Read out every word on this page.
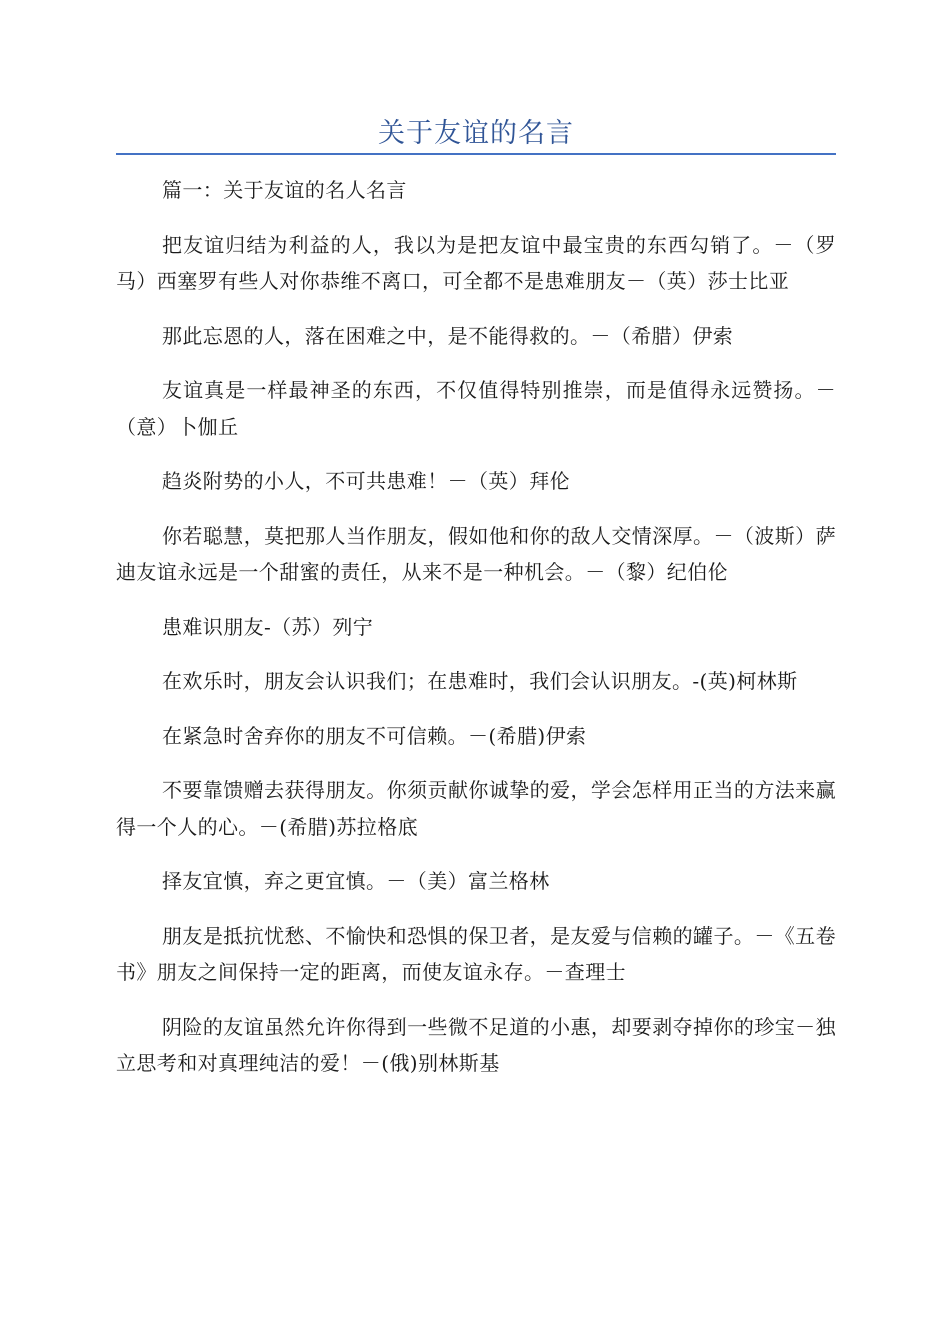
关于友谊的名言

篇一：关于友谊的名人名言

把友谊归结为利益的人，我以为是把友谊中最宝贵的东西勾销了。－（罗马）西塞罗有些人对你恭维不离口，可全都不是患难朋友－（英）莎士比亚

那此忘恩的人，落在困难之中，是不能得救的。－（希腊）伊索

友谊真是一样最神圣的东西，不仅值得特别推崇，而是值得永远赞扬。－（意）卜伽丘

趋炎附势的小人，不可共患难！－（英）拜伦

你若聪慧，莫把那人当作朋友，假如他和你的敌人交情深厚。－（波斯）萨迪友谊永远是一个甜蜜的责任，从来不是一种机会。－（黎）纪伯伦

患难识朋友-（苏）列宁

在欢乐时，朋友会认识我们；在患难时，我们会认识朋友。-(英)柯林斯

在紧急时舍弃你的朋友不可信赖。－(希腊)伊索

不要靠馈赠去获得朋友。你须贡献你诚挚的爱，学会怎样用正当的方法来赢得一个人的心。－(希腊)苏拉格底

择友宜慎，弃之更宜慎。－（美）富兰格林

朋友是抵抗忧愁、不愉快和恐惧的保卫者，是友爱与信赖的罐子。－《五卷书》朋友之间保持一定的距离，而使友谊永存。－查理士

阴险的友谊虽然允许你得到一些微不足道的小惠，却要剥夺掉你的珍宝－独立思考和对真理纯洁的爱！－(俄)别林斯基
